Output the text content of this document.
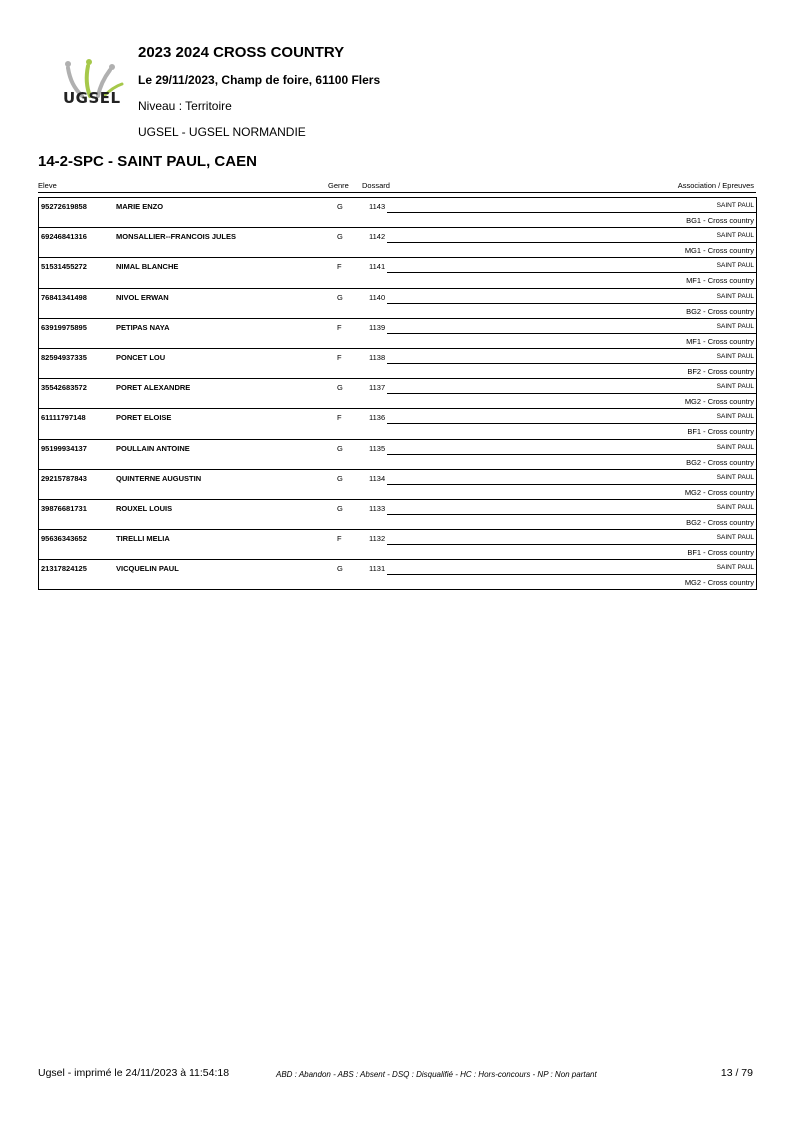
UGSEL
2023 2024 CROSS COUNTRY
Le 29/11/2023, Champ de foire, 61100 Flers
Niveau : Territoire
UGSEL - UGSEL NORMANDIE
14-2-SPC - SAINT PAUL, CAEN
Eleve	Genre Dossard	Association / Epreuves
95272619858	MARIE ENZO	G	1143	SAINT PAUL
BG1 - Cross country
69246841316	MONSALLIER--FRANCOIS JULES	G	1142	SAINT PAUL
MG1 - Cross country
51531455272	NIMAL BLANCHE	F	1141	SAINT PAUL
MF1 - Cross country
76841341498	NIVOL ERWAN	G	1140	SAINT PAUL
BG2 - Cross country
63919975895	PETIPAS NAYA	F	1139	SAINT PAUL
MF1 - Cross country
82594937335	PONCET LOU	F	1138	SAINT PAUL
BF2 - Cross country
35542683572	PORET ALEXANDRE	G	1137	SAINT PAUL
MG2 - Cross country
61111797148	PORET ELOISE	F	1136	SAINT PAUL
BF1 - Cross country
95199934137	POULLAIN ANTOINE	G	1135	SAINT PAUL
BG2 - Cross country
29215787843	QUINTERNE AUGUSTIN	G	1134	SAINT PAUL
MG2 - Cross country
39876681731	ROUXEL LOUIS	G	1133	SAINT PAUL
BG2 - Cross country
95636343652	TIRELLI MELIA	F	1132	SAINT PAUL
BF1 - Cross country
21317824125	VICQUELIN PAUL	G	1131	SAINT PAUL
MG2 - Cross country
Ugsel - imprimé le 24/11/2023 à 11:54:18	ABD : Abandon - ABS : Absent - DSQ : Disqualifié - HC : Hors-concours - NP : Non partant	13 / 79
